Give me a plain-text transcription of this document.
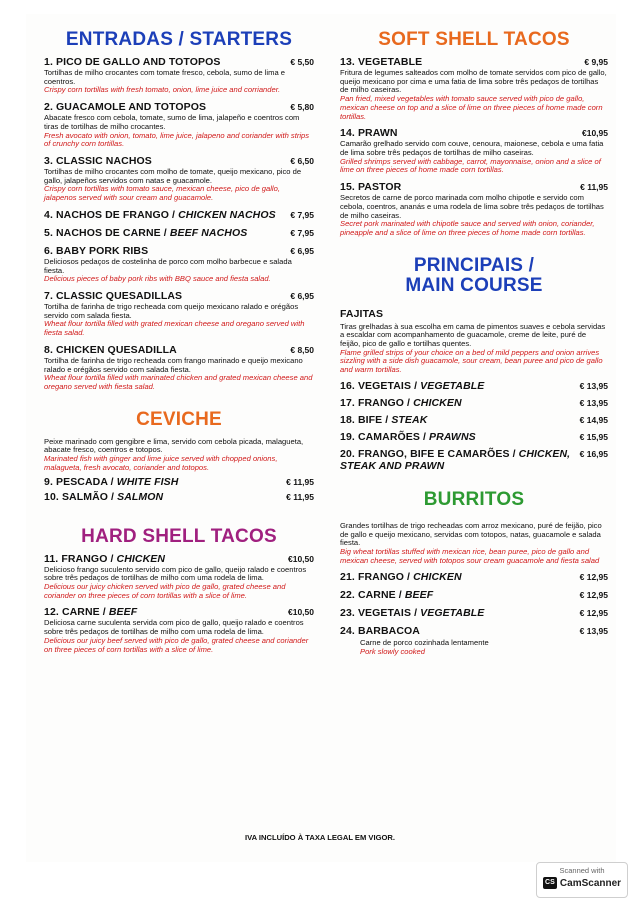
ENTRADAS / STARTERS
1. PICO DE GALLO AND TOTOPOS	€ 5,50
Tortilhas de milho crocantes com tomate fresco, cebola, sumo de lima e coentros.
Crispy corn tortillas with fresh tomato, onion, lime juice and corriander.
2. GUACAMOLE AND TOTOPOS	€ 5,80
Abacate fresco com cebola, tomate, sumo de lima, jalapeño e coentros com tiras de tortilhas de milho crocantes.
Fresh avocato with onion, tomato, lime juice, jalapeno and coriander with strips of crunchy corn tortillas.
3. CLASSIC NACHOS	€ 6,50
Tortilhas de milho crocantes com molho de tomate, queijo mexicano, pico de gallo, jalapeños servidos com natas e guacamole.
Crispy corn tortillas with tomato sauce, mexican cheese, pico de gallo, jalapenos served with sour cream and guacamole.
4. NACHOS DE FRANGO / CHICKEN NACHOS € 7,95
5. NACHOS DE CARNE / BEEF NACHOS	€ 7,95
6. BABY PORK RIBS	€ 6,95
Deliciosos pedaços de costelinha de porco com molho barbecue e salada fiesta.
Delicious pieces of baby pork ribs with BBQ sauce and fiesta salad.
7. CLASSIC QUESADILLAS	€ 6,95
Tortilha de farinha de trigo recheada com queijo mexicano ralado e orégãos servido com salada fiesta.
Wheat flour tortilla filled with grated mexican cheese and oregano served with fiesta salad.
8. CHICKEN QUESADILLA	€ 8,50
Tortilha de farinha de trigo recheada com frango marinado e queijo mexicano ralado e orégãos servido com salada fiesta.
Wheat flour tortilla filled with marinated chicken and grated mexican cheese and oregano served with fiesta salad.
CEVICHE
Peixe marinado com gengibre e lima, servido com cebola picada, malagueta, abacate fresco, coentros e totopos.
Marinated fish with ginger and lime juice served with chopped onions, malagueta, fresh avocato, coriander and totopos.
9. PESCADA / WHITE FISH	€ 11,95
10. SALMÃO / SALMON	€ 11,95
HARD SHELL TACOS
11. FRANGO / CHICKEN	€10,50
Delicioso frango suculento servido com pico de gallo, queijo ralado e coentros sobre três pedaços de tortilhas de milho com uma rodela de lima.
Delicious our juicy chicken served with pico de gallo, grated cheese and coriander on three pieces of corn tortillas with a slice of lime.
12. CARNE / BEEF	€10,50
Deliciosa carne suculenta servida com pico de gallo, queijo ralado e coentros sobre três pedaços de tortilhas de milho com uma rodela de lima.
Delicious our juicy beef served with pico de gallo, grated cheese and coriander on three pieces of corn tortillas with a slice of lime.
SOFT SHELL TACOS
13. VEGETABLE	€ 9,95
Fritura de legumes salteados com molho de tomate servidos com pico de gallo, queijo mexicano por cima e uma fatia de lima sobre três pedaços de tortilhas de milho caseiras.
Pan fried, mixed vegetables with tomato sauce served with pico de gallo, mexican cheese on top and a slice of lime on three pieces of home made corn tortillas.
14. PRAWN	€10,95
Camarão grelhado servido com couve, cenoura, maionese, cebola e uma fatia de lima sobre três pedaços de tortilhas de milho caseiras.
Grilled shrimps served with cabbage, carrot, mayonnaise, onion and a slice of lime on three pieces of home made corn tortillas.
15. PASTOR	€ 11,95
Secretos de carne de porco marinada com molho chipotle e servido com cebola, coentros, ananás e uma rodela de lima sobre três pedaços de tortilhas de milho caseiras.
Secret pork marinated with chipotle sauce and served with onion, coriander, pineapple and a slice of lime on three pieces of home made corn tortillas.
PRINCIPAIS /
MAIN COURSE
FAJITAS
Tiras grelhadas à sua escolha em cama de pimentos suaves e cebola servidas a escaldar com acompanhamento de guacamole, creme de leite, puré de feijão, pico de gallo e tortilhas quentes.
Flame grilled strips of your choice on a bed of mild peppers and onion arrives sizzling with a side dish guacamole, sour cream, bean puree and pico de gallo and warm tortillas.
16. VEGETAIS / VEGETABLE	€ 13,95
17. FRANGO / CHICKEN	€ 13,95
18. BIFE / STEAK	€ 14,95
19. CAMARÕES / PRAWNS	€ 15,95
20. FRANGO, BIFE E CAMARÕES / CHICKEN, STEAK AND PRAWN
€ 16,95
BURRITOS
Grandes tortilhas de trigo recheadas com arroz mexicano, puré de feijão, pico de gallo e queijo mexicano, servidas com totopos, natas, guacamole e salada fiesta.
Big wheat tortillas stuffed with mexican rice, bean puree, pico de gallo and mexican cheese, served with totopos sour cream guacamole and fiesta salad
21. FRANGO / CHICKEN	€ 12,95
22. CARNE / BEEF	€ 12,95
23. VEGETAIS / VEGETABLE	€ 12,95
24. BARBACOA	€ 13,95
Carne de porco cozinhada lentamente
Pork slowly cooked
IVA INCLUÍDO À TAXA LEGAL EM VIGOR.
Scanned with
CS CamScanner
